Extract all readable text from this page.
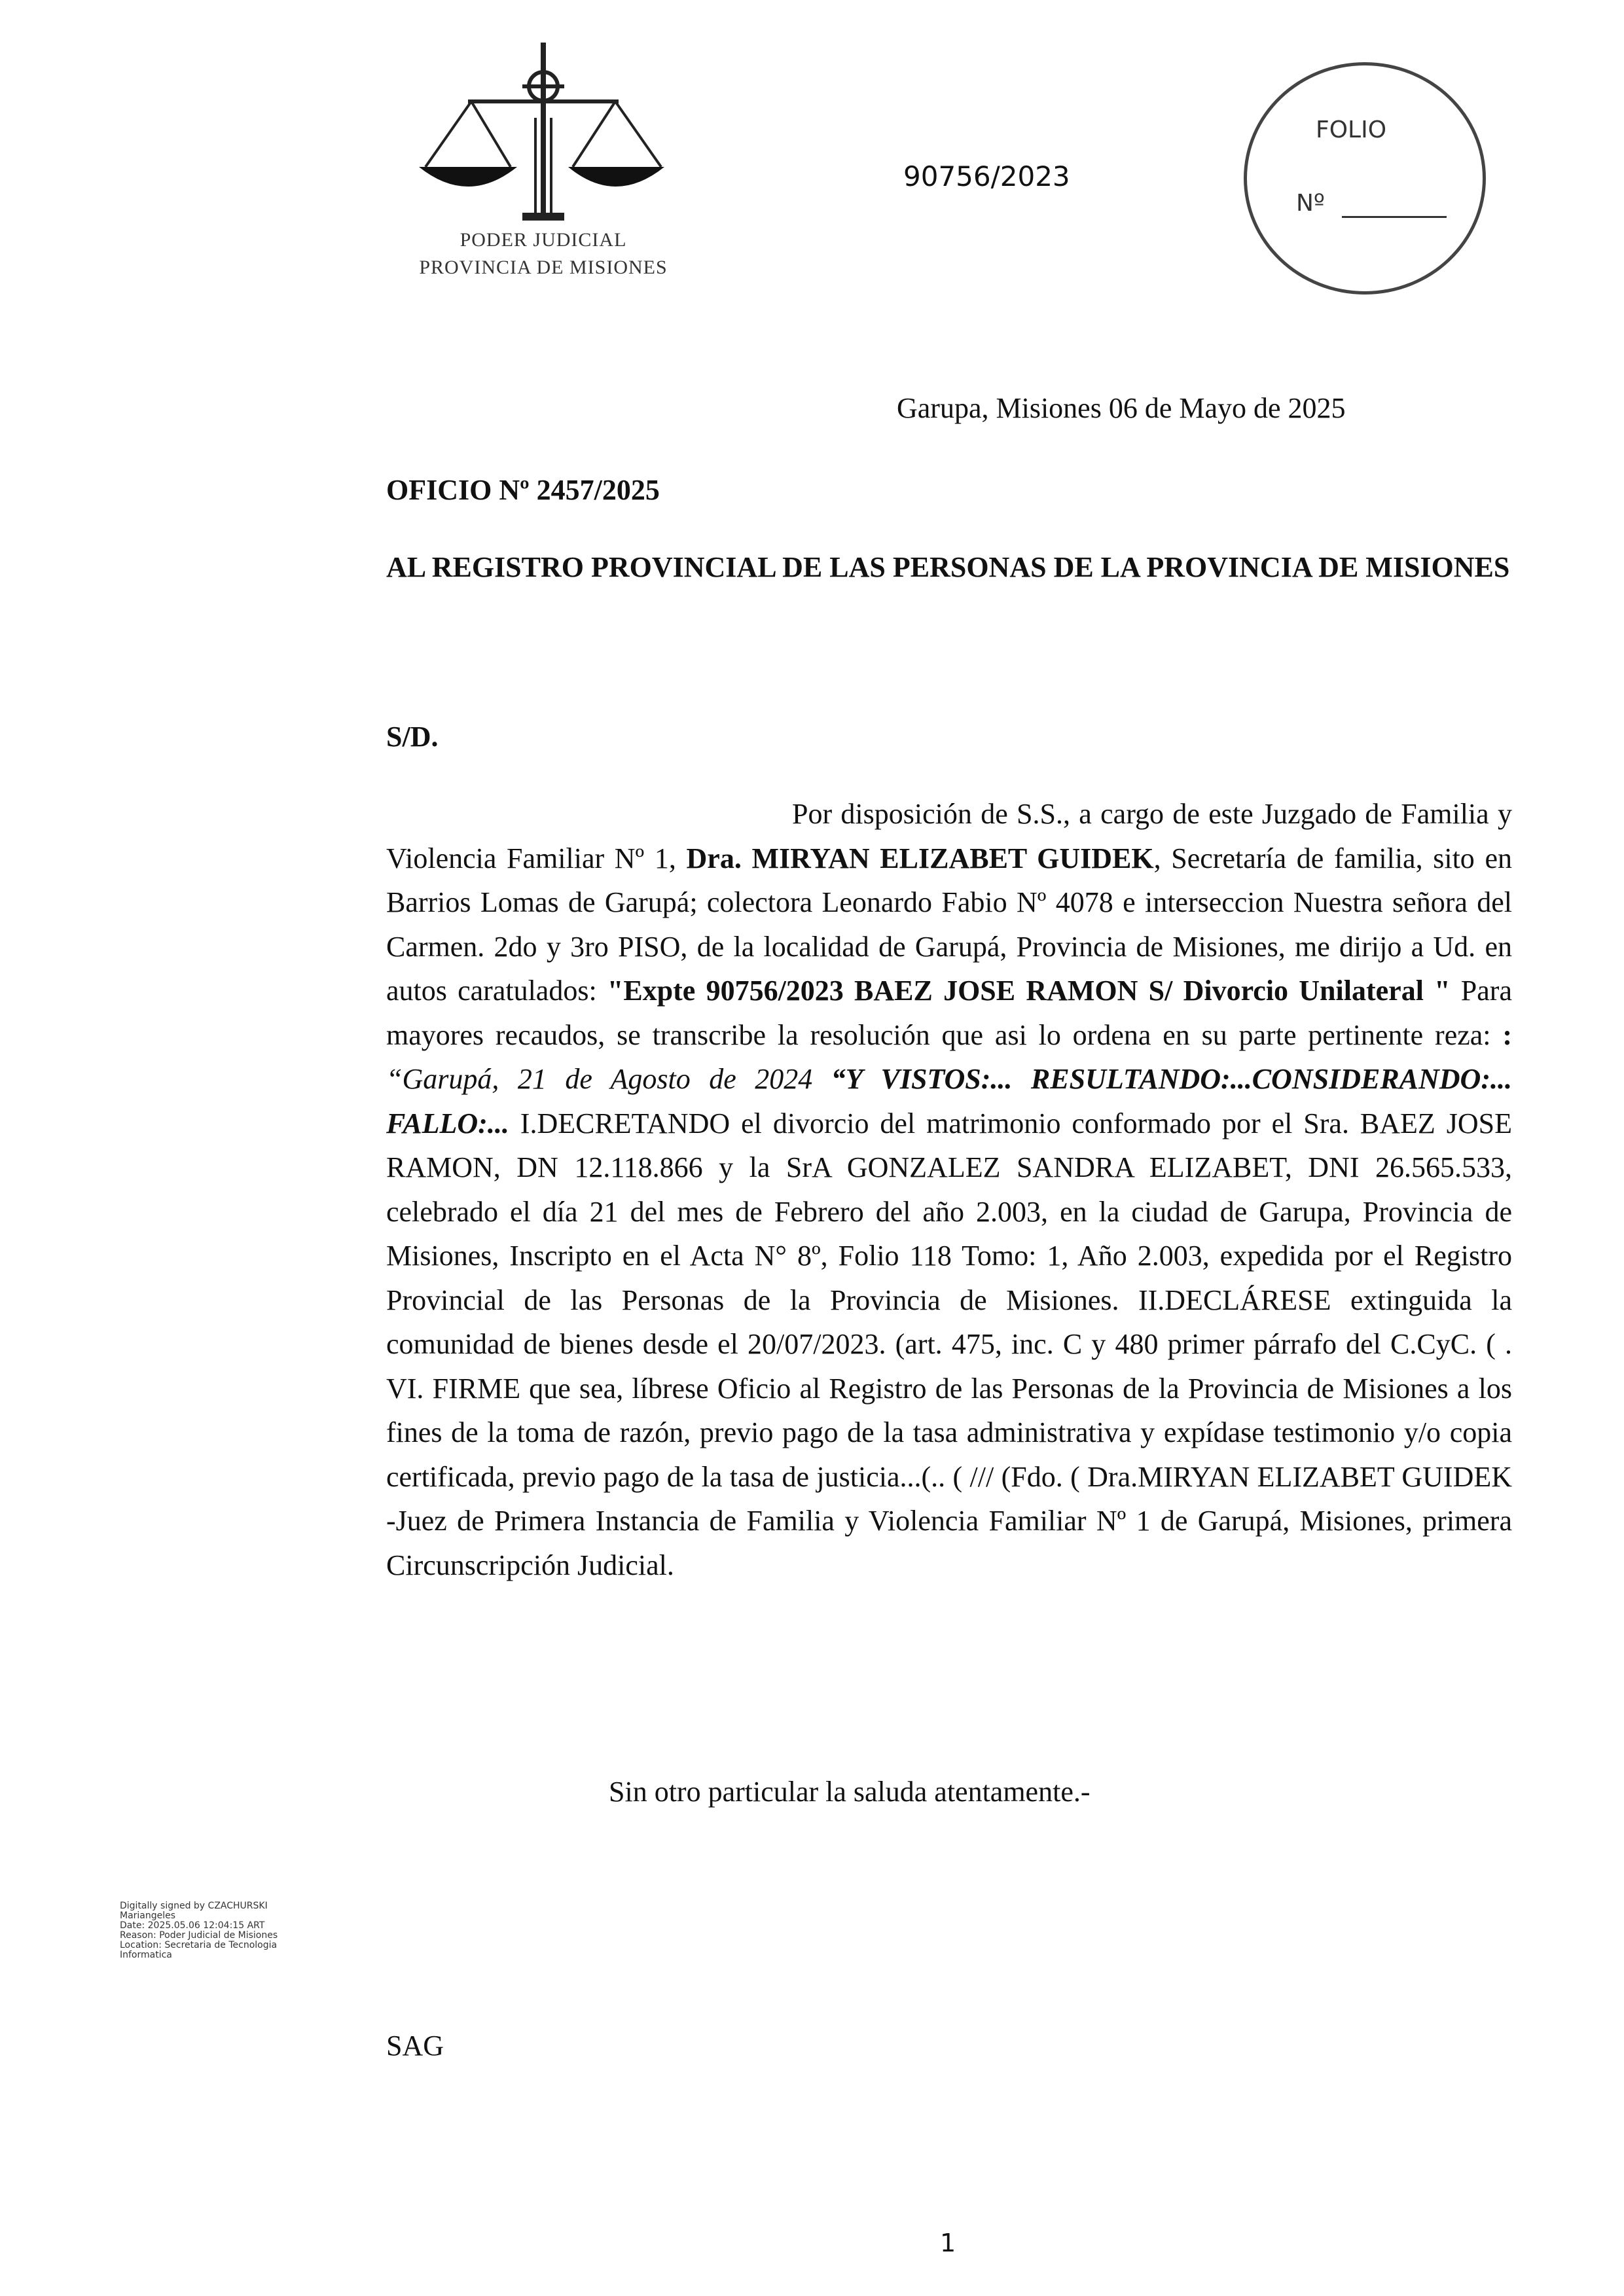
PODER JUDICIAL
PROVINCIA DE MISIONES
90756/2023
FOLIO
Nº
Garupa, Misiones 06 de Mayo de 2025
OFICIO Nº 2457/2025
AL REGISTRO PROVINCIAL DE LAS PERSONAS DE LA PROVINCIA DE MISIONES
S/D.
Por disposición de S.S., a cargo de este Juzgado de Familia y Violencia Familiar Nº 1, Dra. MIRYAN ELIZABET GUIDEK, Secretaría de familia, sito en Barrios Lomas de Garupá; colectora Leonardo Fabio Nº 4078 e interseccion Nuestra señora del Carmen. 2do y 3ro PISO, de la localidad de Garupá, Provincia de Misiones, me dirijo a Ud. en autos caratulados: "Expte 90756/2023 BAEZ JOSE RAMON S/ Divorcio Unilateral " Para mayores recaudos, se transcribe la resolución que asi lo ordena en su parte pertinente reza: : “Garupá, 21 de Agosto de 2024 “Y VISTOS:... RESULTANDO:...CONSIDERANDO:... FALLO:... I.DECRETANDO el divorcio del matrimonio conformado por el Sra. BAEZ JOSE RAMON, DN 12.118.866 y la SrA GONZALEZ SANDRA ELIZABET, DNI 26.565.533, celebrado el día 21 del mes de Febrero del año 2.003, en la ciudad de Garupa, Provincia de Misiones, Inscripto en el Acta N° 8º, Folio 118 Tomo: 1, Año 2.003, expedida por el Registro Provincial de las Personas de la Provincia de Misiones. II.DECLÁRESE extinguida la comunidad de bienes desde el 20/07/2023. (art. 475, inc. C y 480 primer párrafo del C.CyC. ( . VI. FIRME que sea, líbrese Oficio al Registro de las Personas de la Provincia de Misiones a los fines de la toma de razón, previo pago de la tasa administrativa y expídase testimonio y/o copia certificada, previo pago de la tasa de justicia...(.. ( /// (Fdo. ( Dra.MIRYAN ELIZABET GUIDEK -Juez de Primera Instancia de Familia y Violencia Familiar Nº 1 de Garupá, Misiones, primera Circunscripción Judicial.
Sin otro particular la saluda atentamente.-
Digitally signed by CZACHURSKI
Mariangeles
Date: 2025.05.06 12:04:15 ART
Reason: Poder Judicial de Misiones
Location: Secretaria de Tecnologia
Informatica
SAG
1
